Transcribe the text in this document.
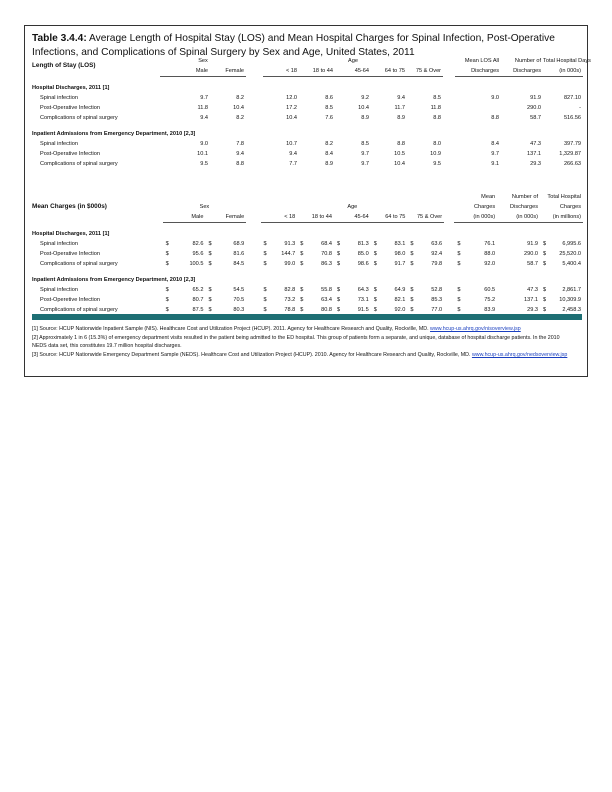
Table 3.4.4: Average Length of Hospital Stay (LOS) and Mean Hospital Charges for Spinal Infection, Post-Operative Infections, and Complications of Spinal Surgery by Sex and Age, United States, 2011
	Sex			Age						Mean LOS All	Number of	Total Hospital Days
Length of Stay (LOS)	Male	Female		< 18	18 to 44	45-64	64 to 75	75 & Over		Discharges	Discharges	(in 000s)

Hospital Discharges, 2011 [1]												
Spinal infection	9.7	8.2		12.0	8.6	9.2	9.4	8.5		9.0	91.9	827.10
Post-Operative Infection	11.8	10.4		17.2	8.5	10.4	11.7	11.8			290.0	-
Complications of spinal surgery	9.4	8.2		10.4	7.6	8.9	8.9	8.8		8.8	58.7	516.56

Inpatient Admissions from Emergency Department, 2010 [2,3]												
Spinal infection	9.0	7.8		10.7	8.2	8.5	8.8	8.0		8.4	47.3	397.79
Post-Operative Infection	10.1	9.4		9.4	8.4	9.7	10.5	10.9		9.7	137.1	1,329.87
Complications of spinal surgery	9.5	8.8		7.7	8.9	9.7	10.4	9.5		9.1	29.3	266.63
																	Mean		Number of	Total Hospital	
Mean Charges (in $000s)	Sex					Age											Charges		Discharges	Charges	
	Male		Female			< 18		18 to 44		45-64		64 to 75		75 & Over			(in 000s)		(in 000s)	(in millions)	

Hospital Discharges, 2011 [1]																					
Spinal infection	$	82.6	$	68.9		$	91.3	$	68.4	$	81.3	$	83.1	$	63.6		$	76.1	91.9	$	6,995.6
Post-Operative Infection	$	95.6	$	81.6		$	144.7	$	70.8	$	85.0	$	98.0	$	92.4		$	88.0	290.0	$	25,520.0
Complications of spinal surgery	$	100.5	$	84.5		$	99.0	$	86.3	$	98.6	$	91.7	$	79.8		$	92.0	58.7	$	5,400.4

Inpatient Admissions from Emergency Department, 2010 [2,3]																					
Spinal infection	$	65.2	$	54.5		$	82.8	$	55.8	$	64.3	$	64.9	$	52.8		$	60.5	47.3	$	2,861.7
Post-Operetive Infection	$	80.7	$	70.5		$	73.2	$	63.4	$	73.1	$	82.1	$	85.3		$	75.2	137.1	$	10,309.9
Complications of spinal surgery	$	87.5	$	80.3		$	78.8	$	80.8	$	91.5	$	92.0	$	77.0		$	83.9	29.3	$	2,458.3

[1] Source: HCUP Nationwide Inpatient Sample (NIS). Healthcare Cost and Utilization Project (HCUP). 2011. Agency for Healthcare Research and Quality, Rockville, MD. www.hcup-us.ahrq.gov/nisoverview.jsp

[2] Approximately 1 in 6 (15.3%) of emergency department visits resulted in the patient being admitted to the ED hospital. This group of patients form a separate, and unique, database of hospital discharge patients. In the 2010 NEDS data set, this constitutes 19.7 million hospital discharges.

[3] Source: HCUP Nationwide Emergency Department Sample (NEDS). Healthcare Cost and Utilization Project (HCUP). 2010. Agency for Healthcare Research and Quality, Rockville, MD. www.hcup-us.ahrq.gov/nedsoverview.jsp
